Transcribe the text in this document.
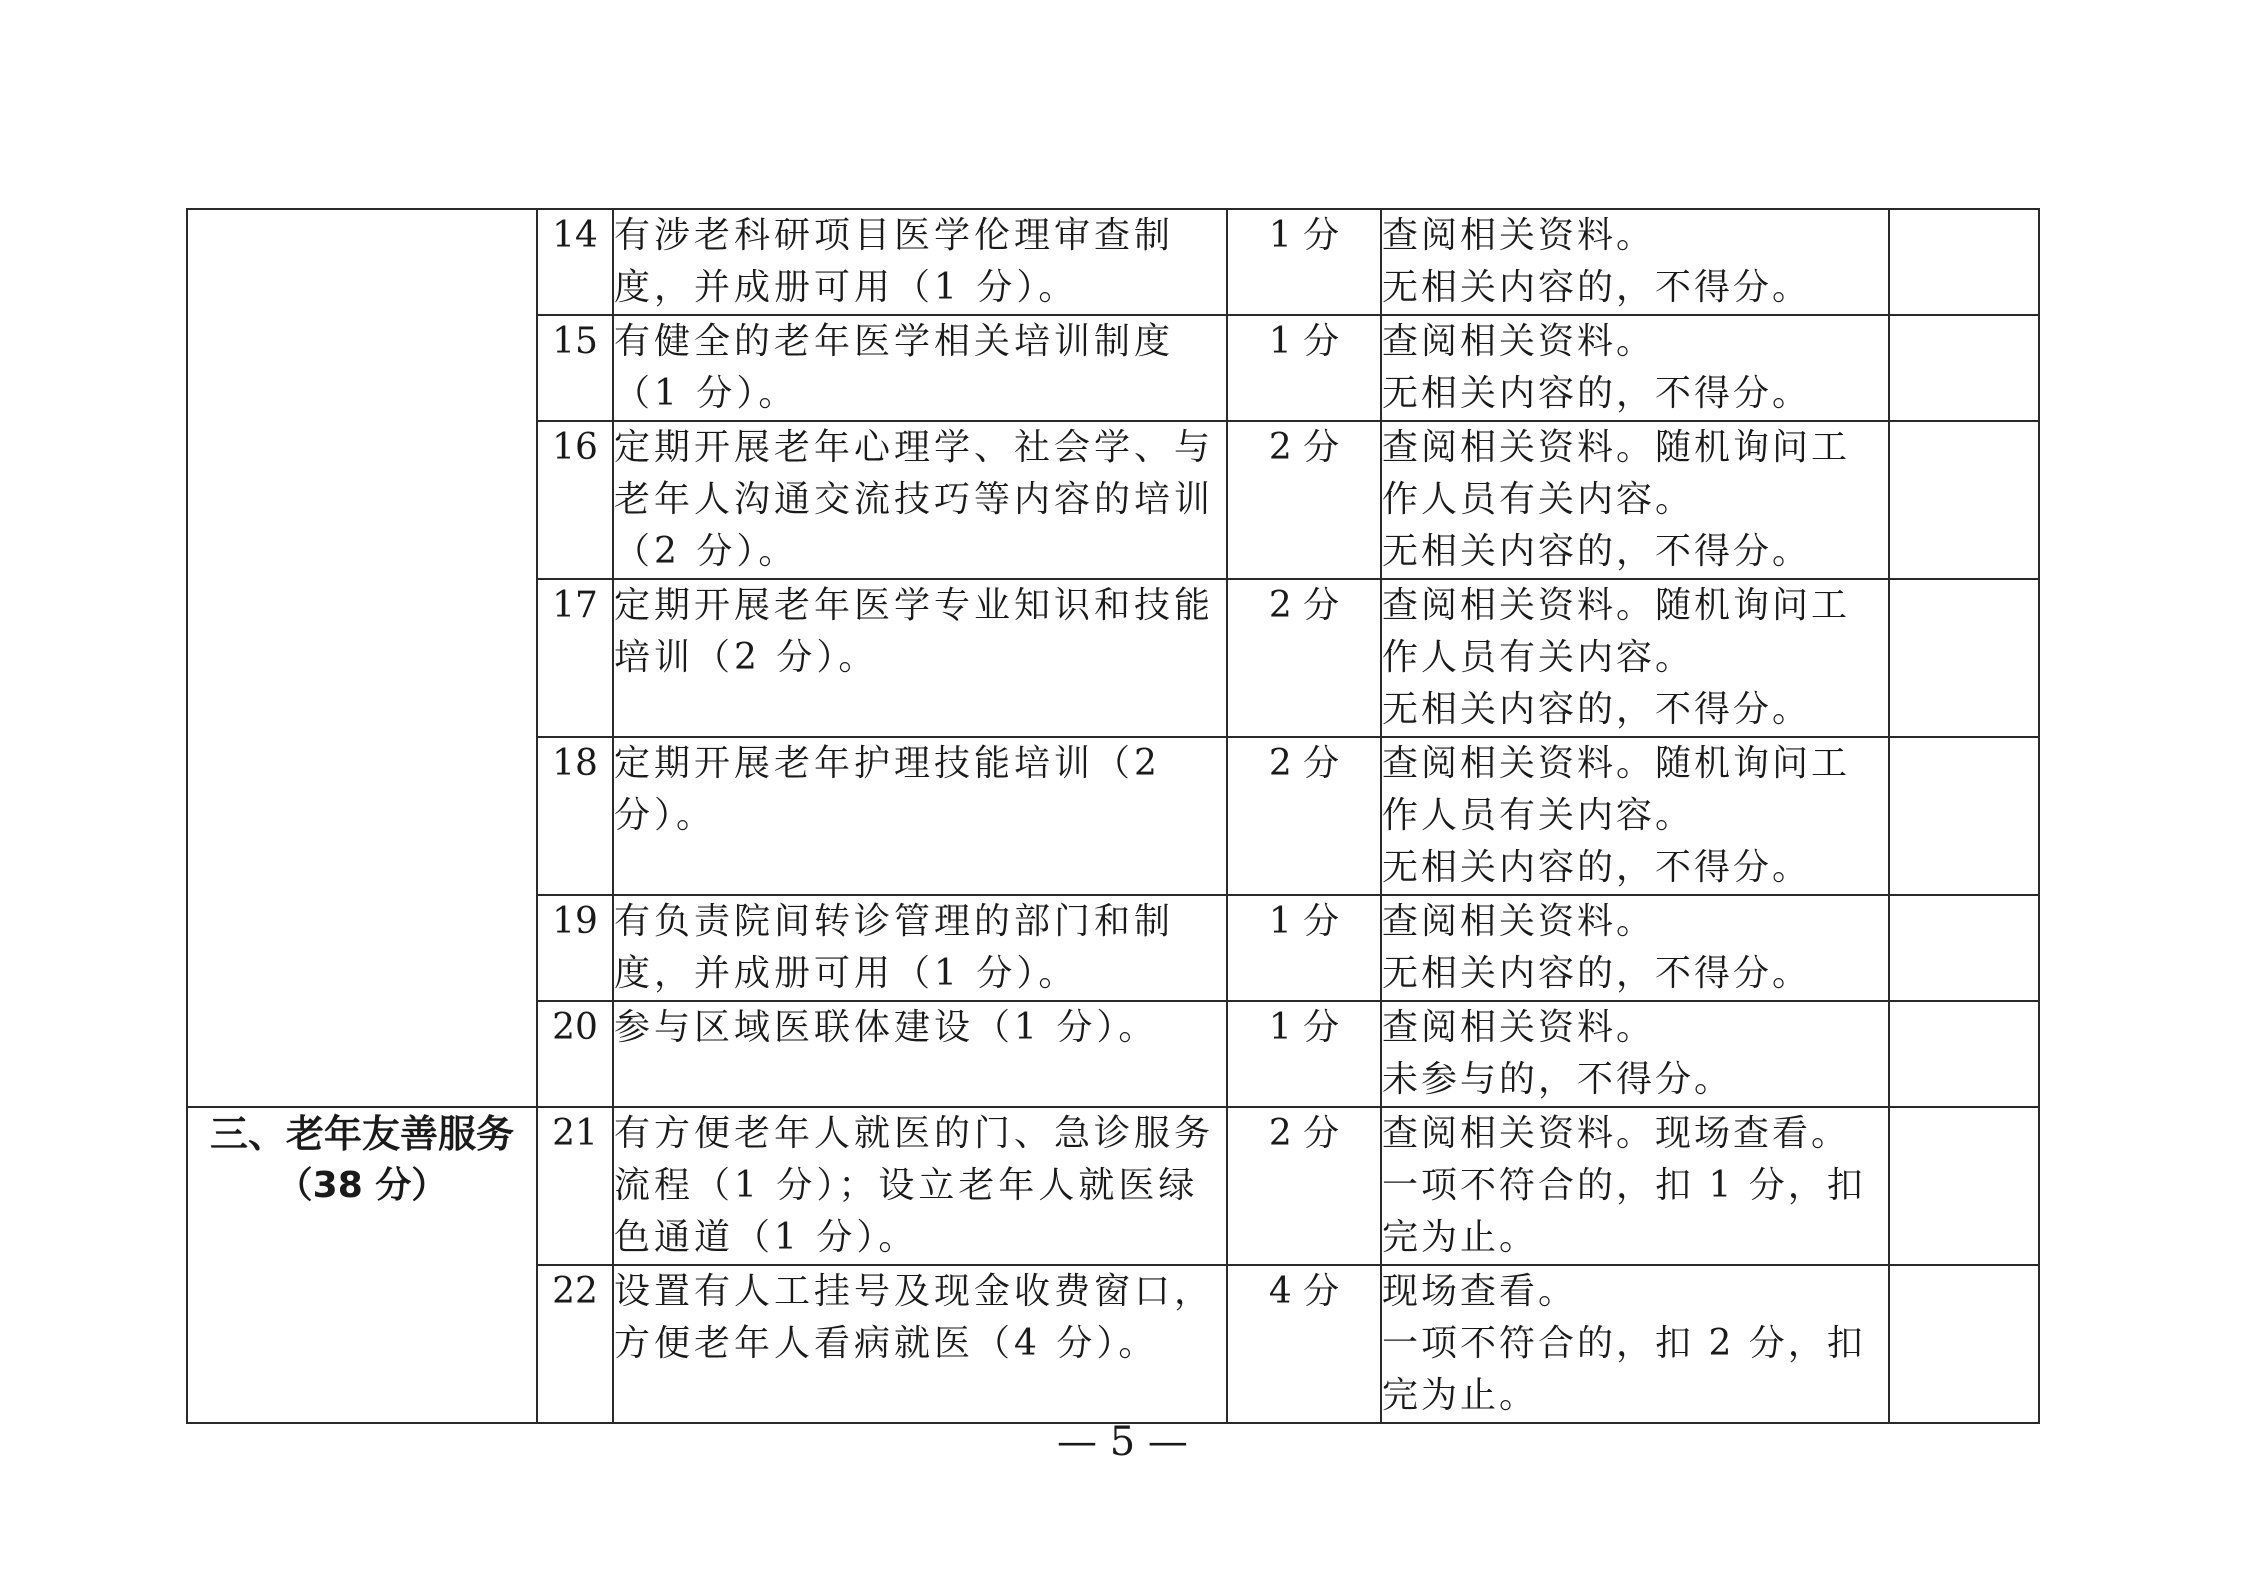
	14	有涉老科研项目医学伦理审查制度，并成册可用（1 分）。	1 分	查阅相关资料。
无相关内容的，不得分。	

	15	有健全的老年医学相关培训制度（1 分）。	1 分	查阅相关资料。
无相关内容的，不得分。	

	16	定期开展老年心理学、社会学、与老年人沟通交流技巧等内容的培训（2 分）。	2 分	查阅相关资料。随机询问工作人员有关内容。
无相关内容的，不得分。	

	17	定期开展老年医学专业知识和技能培训（2 分）。	2 分	查阅相关资料。随机询问工作人员有关内容。
无相关内容的，不得分。	

	18	定期开展老年护理技能培训（2 分）。	2 分	查阅相关资料。随机询问工作人员有关内容。
无相关内容的，不得分。	

	19	有负责院间转诊管理的部门和制度，并成册可用（1 分）。	1 分	查阅相关资料。
无相关内容的，不得分。	

	20	参与区域医联体建设（1 分）。	1 分	查阅相关资料。
未参与的，不得分。	

三、老年友善服务
（38 分）	21	有方便老年人就医的门、急诊服务流程（1 分）；设立老年人就医绿色通道（1 分）。	2 分	查阅相关资料。现场查看。
一项不符合的，扣 1 分，扣完为止。	

	22	设置有人工挂号及现金收费窗口，方便老年人看病就医（4 分）。	4 分	现场查看。
一项不符合的，扣 2 分，扣完为止。	

— 5 —
